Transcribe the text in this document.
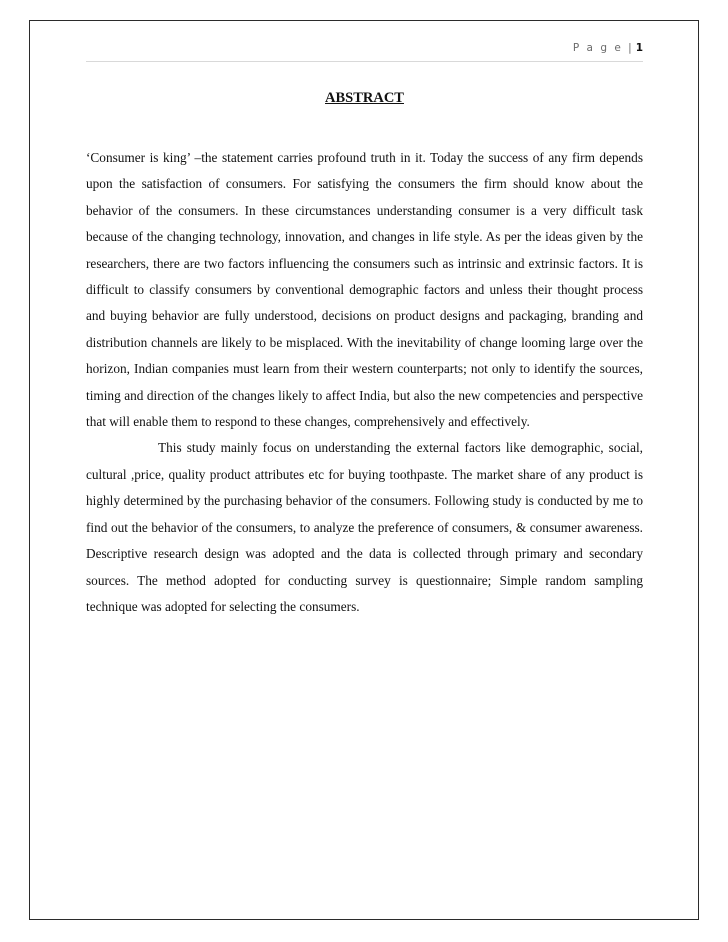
P a g e | 1
ABSTRACT

‘Consumer is king’ –the statement carries profound truth in it. Today the success of any firm depends upon the satisfaction of consumers. For satisfying the consumers the firm should know about the behavior of the consumers. In these circumstances understanding consumer is a very difficult task because of the changing technology, innovation, and changes in life style. As per the ideas given by the researchers, there are two factors influencing the consumers such as intrinsic and extrinsic factors. It is difficult to classify consumers by conventional demographic factors and unless their thought process and buying behavior are fully understood, decisions on product designs and packaging, branding and distribution channels are likely to be misplaced. With the inevitability of change looming large over the horizon, Indian companies must learn from their western counterparts; not only to identify the sources, timing and direction of the changes likely to affect India, but also the new competencies and perspective that will enable them to respond to these changes, comprehensively and effectively.

This study mainly focus on understanding the external factors like demographic, social, cultural ,price, quality product attributes etc for buying toothpaste. The market share of any product is highly determined by the purchasing behavior of the consumers. Following study is conducted by me to find out the behavior of the consumers, to analyze the preference of consumers, & consumer awareness. Descriptive research design was adopted and the data is collected through primary and secondary sources. The method adopted for conducting survey is questionnaire; Simple random sampling technique was adopted for selecting the consumers.
